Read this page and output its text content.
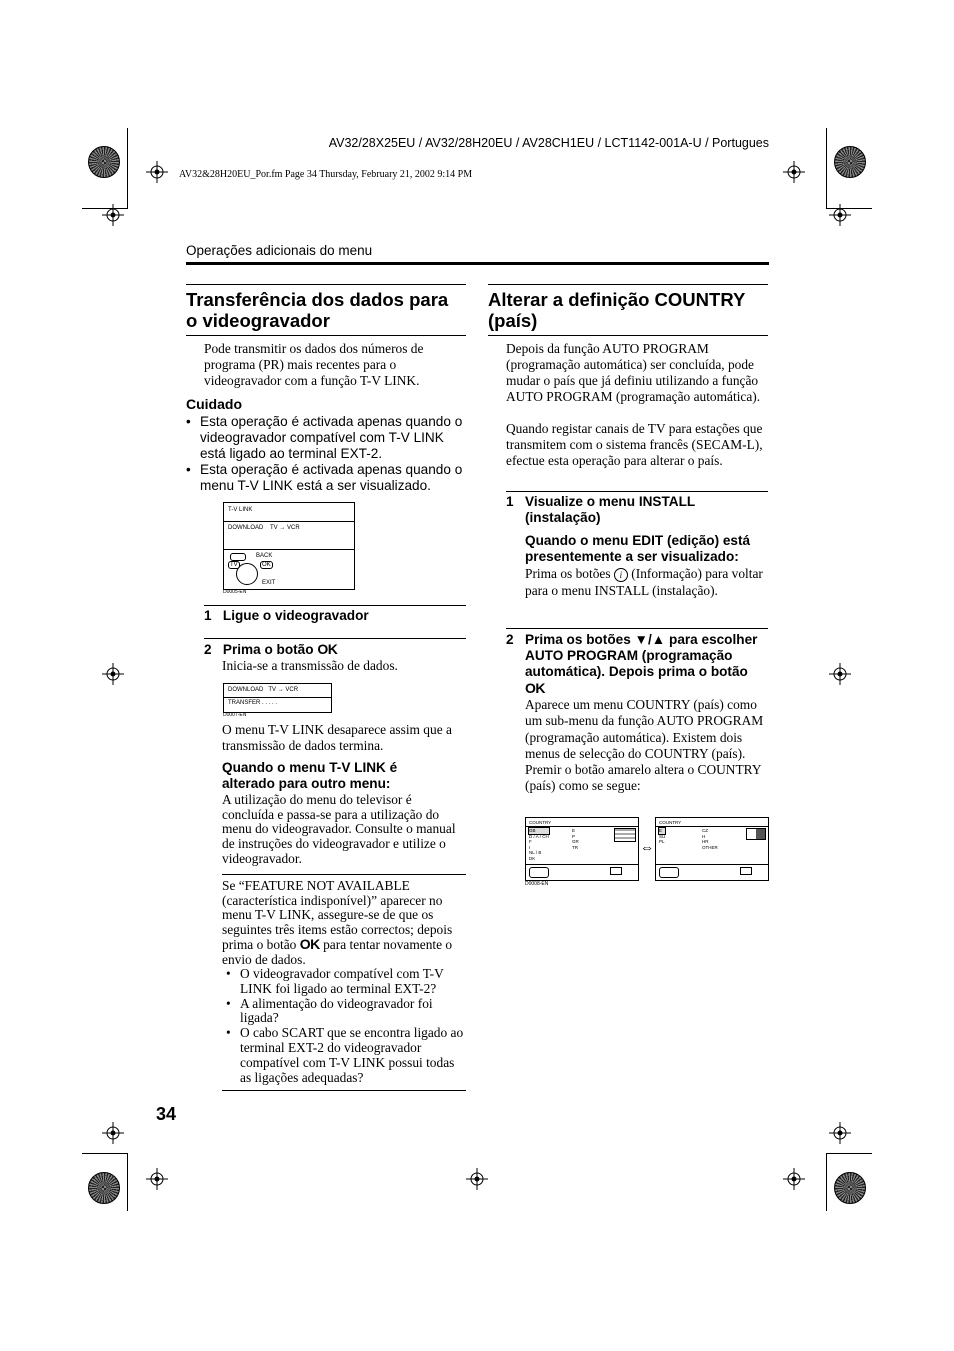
AV32/28X25EU / AV32/28H20EU / AV28CH1EU / LCT1142-001A-U / Portugues
AV32&28H20EU_Por.fm Page 34 Thursday, February 21, 2002 9:14 PM
Operações adicionais do menu
Transferência dos dados para
o videogravador
Pode transmitir os dados dos números de programa (PR) mais recentes para o videogravador com a função T-V LINK.
Cuidado
• Esta operação é activada apenas quando o videogravador compatível com T-V LINK está ligado ao terminal EXT-2.
• Esta operação é activada apenas quando o menu T-V LINK está a ser visualizado.
T-V LINK
DOWNLOAD TV → VCR
BACK
TV	OK
EXIT
D0005-EN
1 Ligue o videogravador
2 Prima o botão OK
Inicia-se a transmissão de dados.
DOWNLOAD TV → VCR
TRANSFER . . . . .
D0007-EN
O menu T-V LINK desaparece assim que a transmissão de dados termina.
Quando o menu T-V LINK é alterado para outro menu:
A utilização do menu do televisor é concluída e passa-se para a utilização do menu do videogravador. Consulte o manual de instruções do videogravador e utilize o videogravador.
Se “FEATURE NOT AVAILABLE (característica indisponível)” aparecer no menu T-V LINK, assegure-se de que os seguintes três items estão correctos; depois prima o botão OK para tentar novamente o envio de dados.
• O videogravador compatível com T-V LINK foi ligado ao terminal EXT-2?
• A alimentação do videogravador foi ligada?
• O cabo SCART que se encontra ligado ao terminal EXT-2 do videogravador compatível com T-V LINK possui todas as ligações adequadas?
34
Alterar a definição COUNTRY
(país)
Depois da função AUTO PROGRAM (programação automática) ser concluída, pode mudar o país que já definiu utilizando a função AUTO PROGRAM (programação automática).
Quando registar canais de TV para estações que transmitem com o sistema francês (SECAM-L), efectue esta operação para alterar o país.
1 Visualize o menu INSTALL (instalação)
Quando o menu EDIT (edição) está presentemente a ser visualizado:
Prima os botões i (Informação) para voltar para o menu INSTALL (instalação).
2 Prima os botões ▼/▲ para escolher AUTO PROGRAM (programação automática). Depois prima o botão OK
Aparece um menu COUNTRY (país) como um sub-menu da função AUTO PROGRAM (programação automática). Existem dois menus de selecção do COUNTRY (país). Premir o botão amarelo altera o COUNTRY (país) como se segue:
COUNTRY
GB
D / A / CH
F
I
NL / B
DK
E
P
GR
TR	⇔
COUNTRY
E
SU
PL
CZ
H
HR
OTHER
D0008-EN
